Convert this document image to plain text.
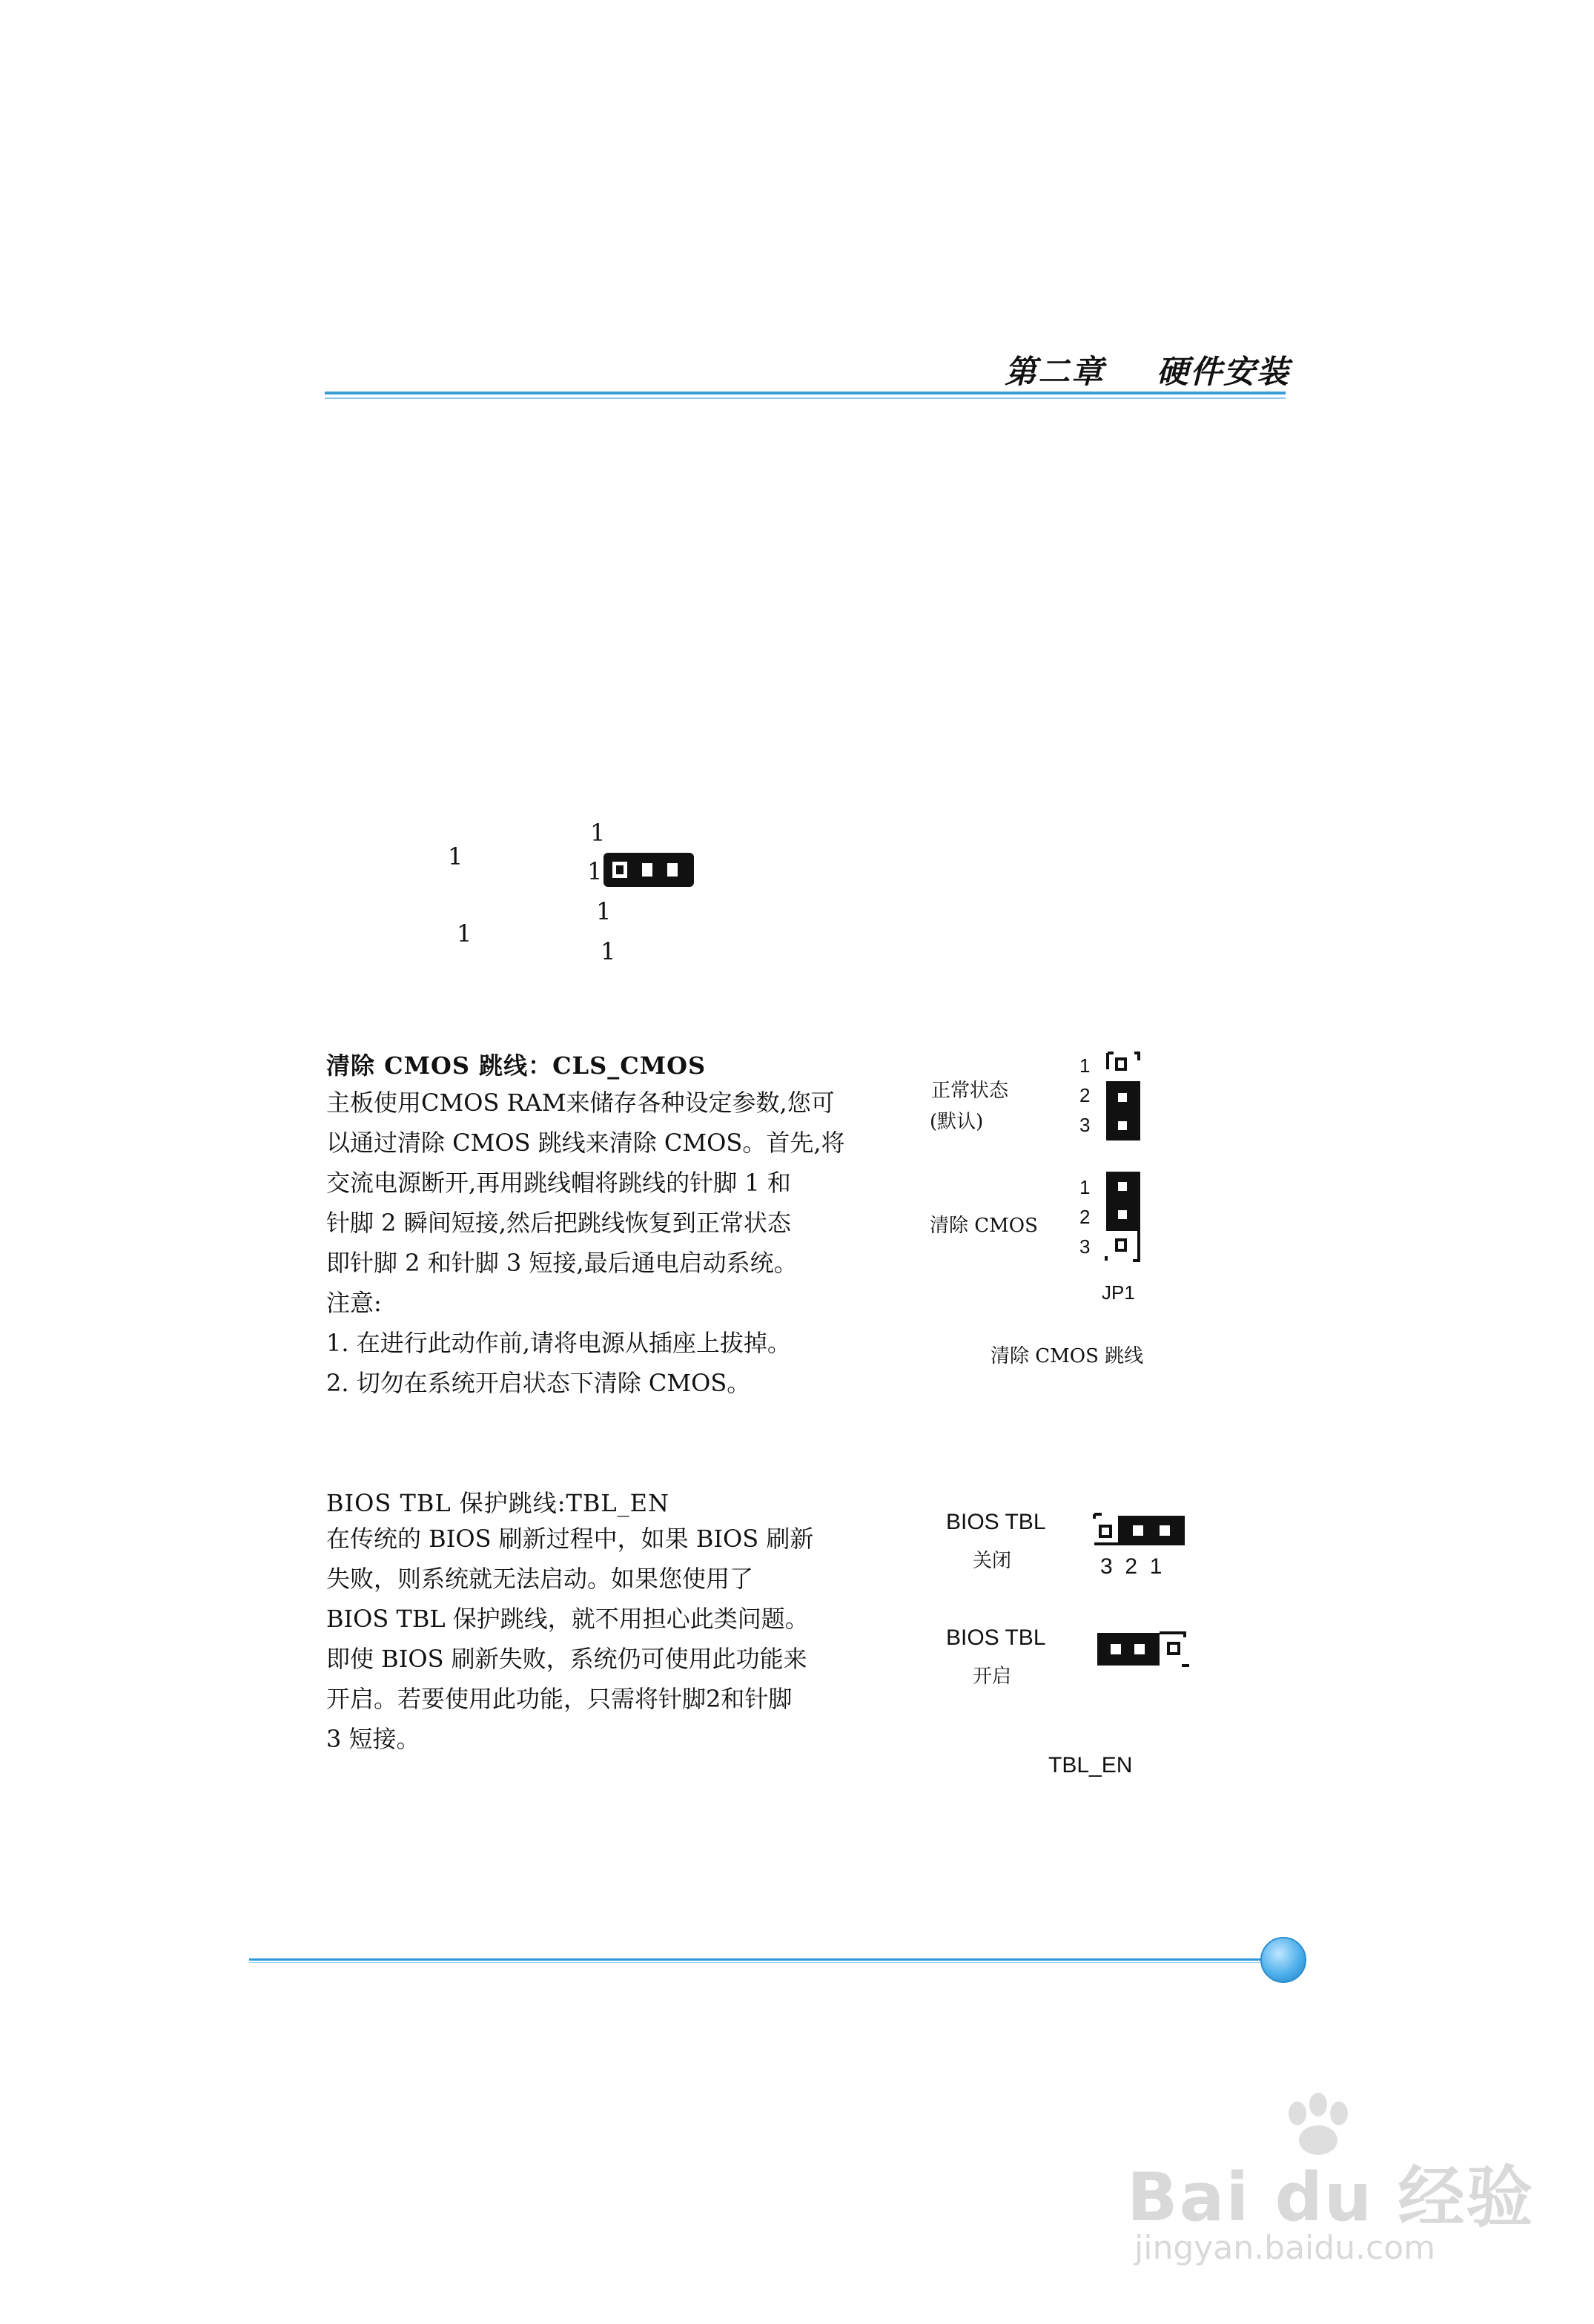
第二章 硬件安装
1
1
1
1
1
1
清除 CMOS 跳线：CLS_CMOS
主板使用CMOS RAM来储存各种设定参数,您可
以通过清除 CMOS 跳线来清除 CMOS。首先,将
交流电源断开,再用跳线帽将跳线的针脚 1 和
针脚 2 瞬间短接,然后把跳线恢复到正常状态
即针脚 2 和针脚 3 短接,最后通电启动系统。
注意:
1. 在进行此动作前,请将电源从插座上拔掉。
2. 切勿在系统开启状态下清除 CMOS。
正常状态
(默认)
1
2
3
清除 CMOS
1
2
3
JP1
清除 CMOS 跳线
BIOS TBL 保护跳线:TBL_EN
在传统的 BIOS 刷新过程中，如果 BIOS 刷新
失败，则系统就无法启动。如果您使用了
BIOS TBL 保护跳线，就不用担心此类问题。
即使 BIOS 刷新失败，系统仍可使用此功能来
开启。若要使用此功能，只需将针脚2和针脚
3 短接。
BIOS TBL
关闭	3  2  1
BIOS TBL
开启
TBL_EN
Bai du 经验
jingyan.baidu.com
